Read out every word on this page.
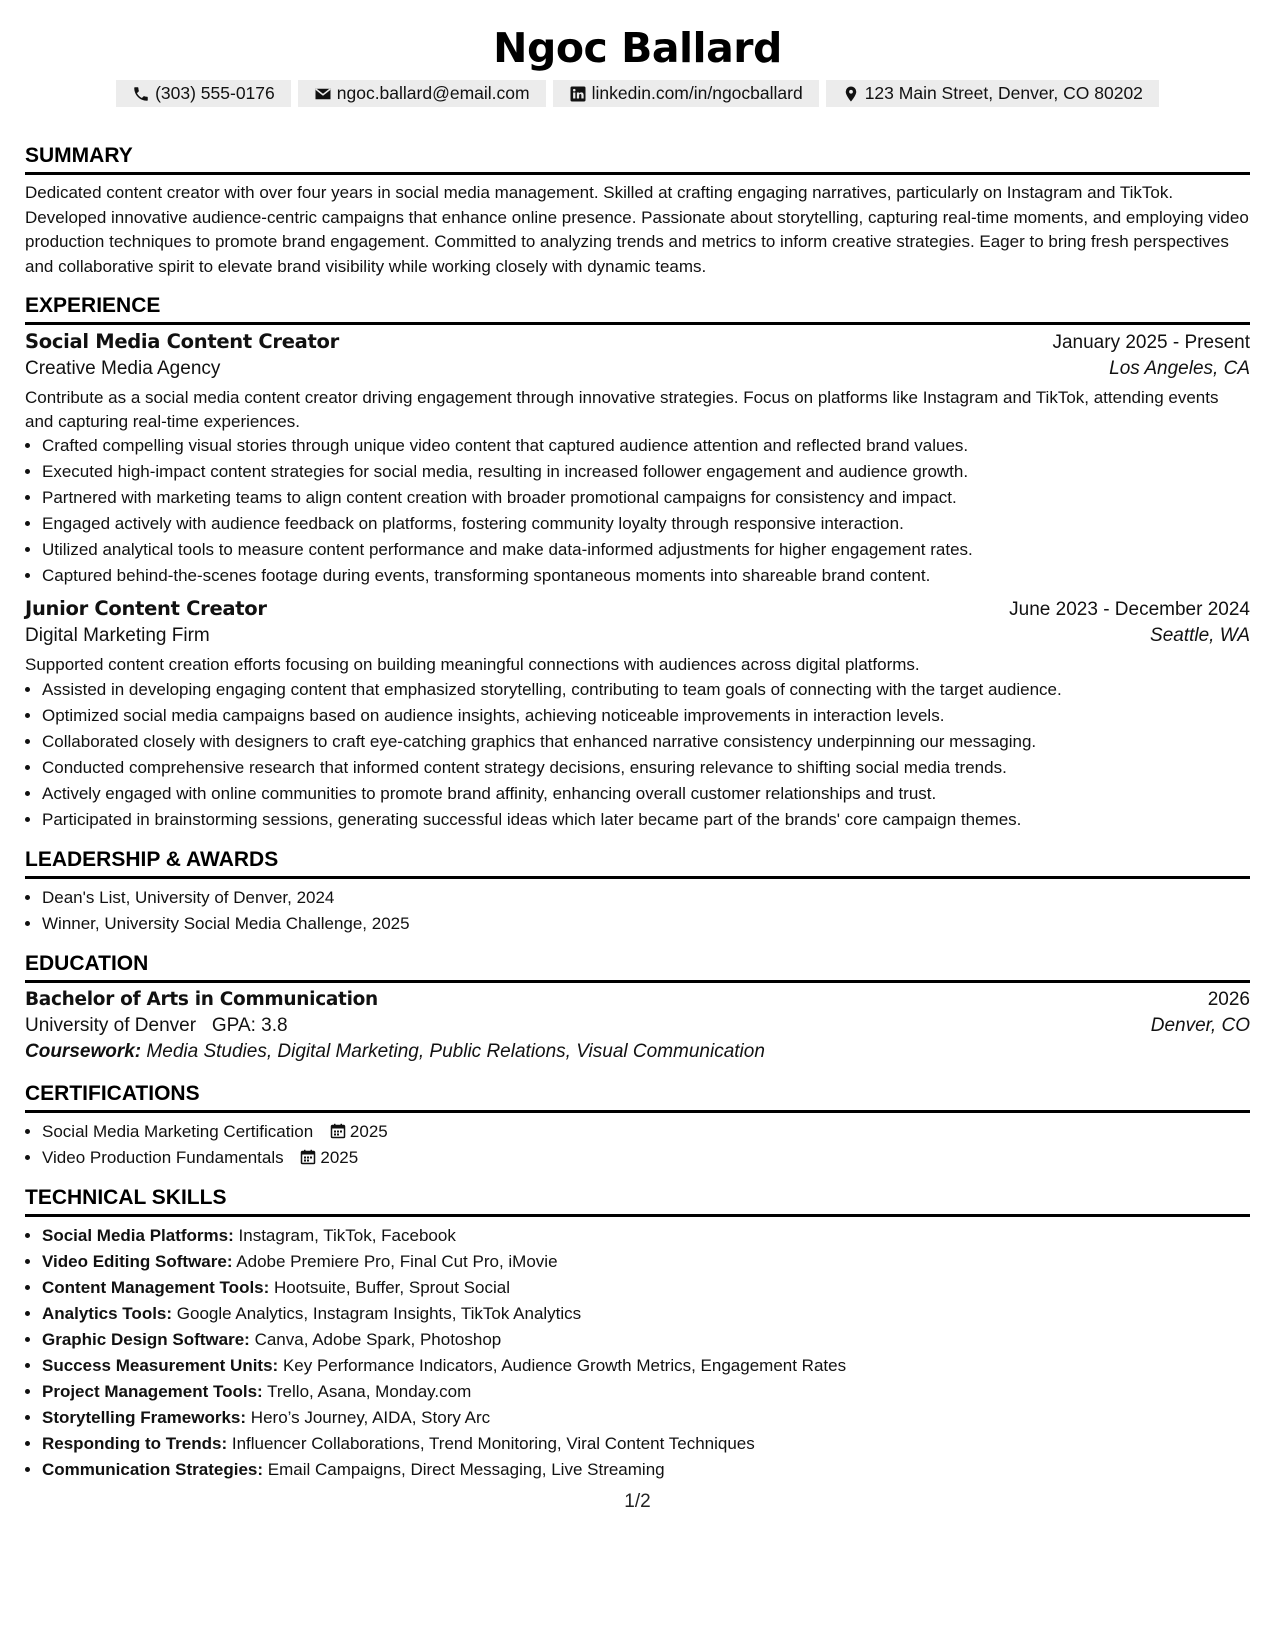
Ngoc Ballard
(303) 555-0176	ngoc.ballard@email.com	linkedin.com/in/ngocballard	123 Main Street, Denver, CO 80202
SUMMARY

Dedicated content creator with over four years in social media management. Skilled at crafting engaging narratives, particularly on Instagram and TikTok. Developed innovative audience-centric campaigns that enhance online presence. Passionate about storytelling, capturing real-time moments, and employing video production techniques to promote brand engagement. Committed to analyzing trends and metrics to inform creative strategies. Eager to bring fresh perspectives and collaborative spirit to elevate brand visibility while working closely with dynamic teams.

EXPERIENCE
Social Media Content Creator	January 2025 - Present
Creative Media Agency	Los Angeles, CA

Contribute as a social media content creator driving engagement through innovative strategies. Focus on platforms like Instagram and TikTok, attending events and capturing real-time experiences.

• Crafted compelling visual stories through unique video content that captured audience attention and reflected brand values.
• Executed high-impact content strategies for social media, resulting in increased follower engagement and audience growth.
• Partnered with marketing teams to align content creation with broader promotional campaigns for consistency and impact.
• Engaged actively with audience feedback on platforms, fostering community loyalty through responsive interaction.
• Utilized analytical tools to measure content performance and make data-informed adjustments for higher engagement rates.
• Captured behind-the-scenes footage during events, transforming spontaneous moments into shareable brand content.
Junior Content Creator	June 2023 - December 2024
Digital Marketing Firm	Seattle, WA

Supported content creation efforts focusing on building meaningful connections with audiences across digital platforms.

• Assisted in developing engaging content that emphasized storytelling, contributing to team goals of connecting with the target audience.
• Optimized social media campaigns based on audience insights, achieving noticeable improvements in interaction levels.
• Collaborated closely with designers to craft eye-catching graphics that enhanced narrative consistency underpinning our messaging.
• Conducted comprehensive research that informed content strategy decisions, ensuring relevance to shifting social media trends.
• Actively engaged with online communities to promote brand affinity, enhancing overall customer relationships and trust.
• Participated in brainstorming sessions, generating successful ideas which later became part of the brands' core campaign themes.
LEADERSHIP & AWARDS
• Dean's List, University of Denver, 2024
• Winner, University Social Media Challenge, 2025
EDUCATION
Bachelor of Arts in Communication	2026
University of Denver GPA: 3.8	Denver, CO
Coursework: Media Studies, Digital Marketing, Public Relations, Visual Communication
CERTIFICATIONS
• Social Media Marketing Certification 2025
• Video Production Fundamentals 2025
TECHNICAL SKILLS
• Social Media Platforms: Instagram, TikTok, Facebook
• Video Editing Software: Adobe Premiere Pro, Final Cut Pro, iMovie
• Content Management Tools: Hootsuite, Buffer, Sprout Social
• Analytics Tools: Google Analytics, Instagram Insights, TikTok Analytics
• Graphic Design Software: Canva, Adobe Spark, Photoshop
• Success Measurement Units: Key Performance Indicators, Audience Growth Metrics, Engagement Rates
• Project Management Tools: Trello, Asana, Monday.com
• Storytelling Frameworks: Hero’s Journey, AIDA, Story Arc
• Responding to Trends: Influencer Collaborations, Trend Monitoring, Viral Content Techniques
• Communication Strategies: Email Campaigns, Direct Messaging, Live Streaming
1/2
